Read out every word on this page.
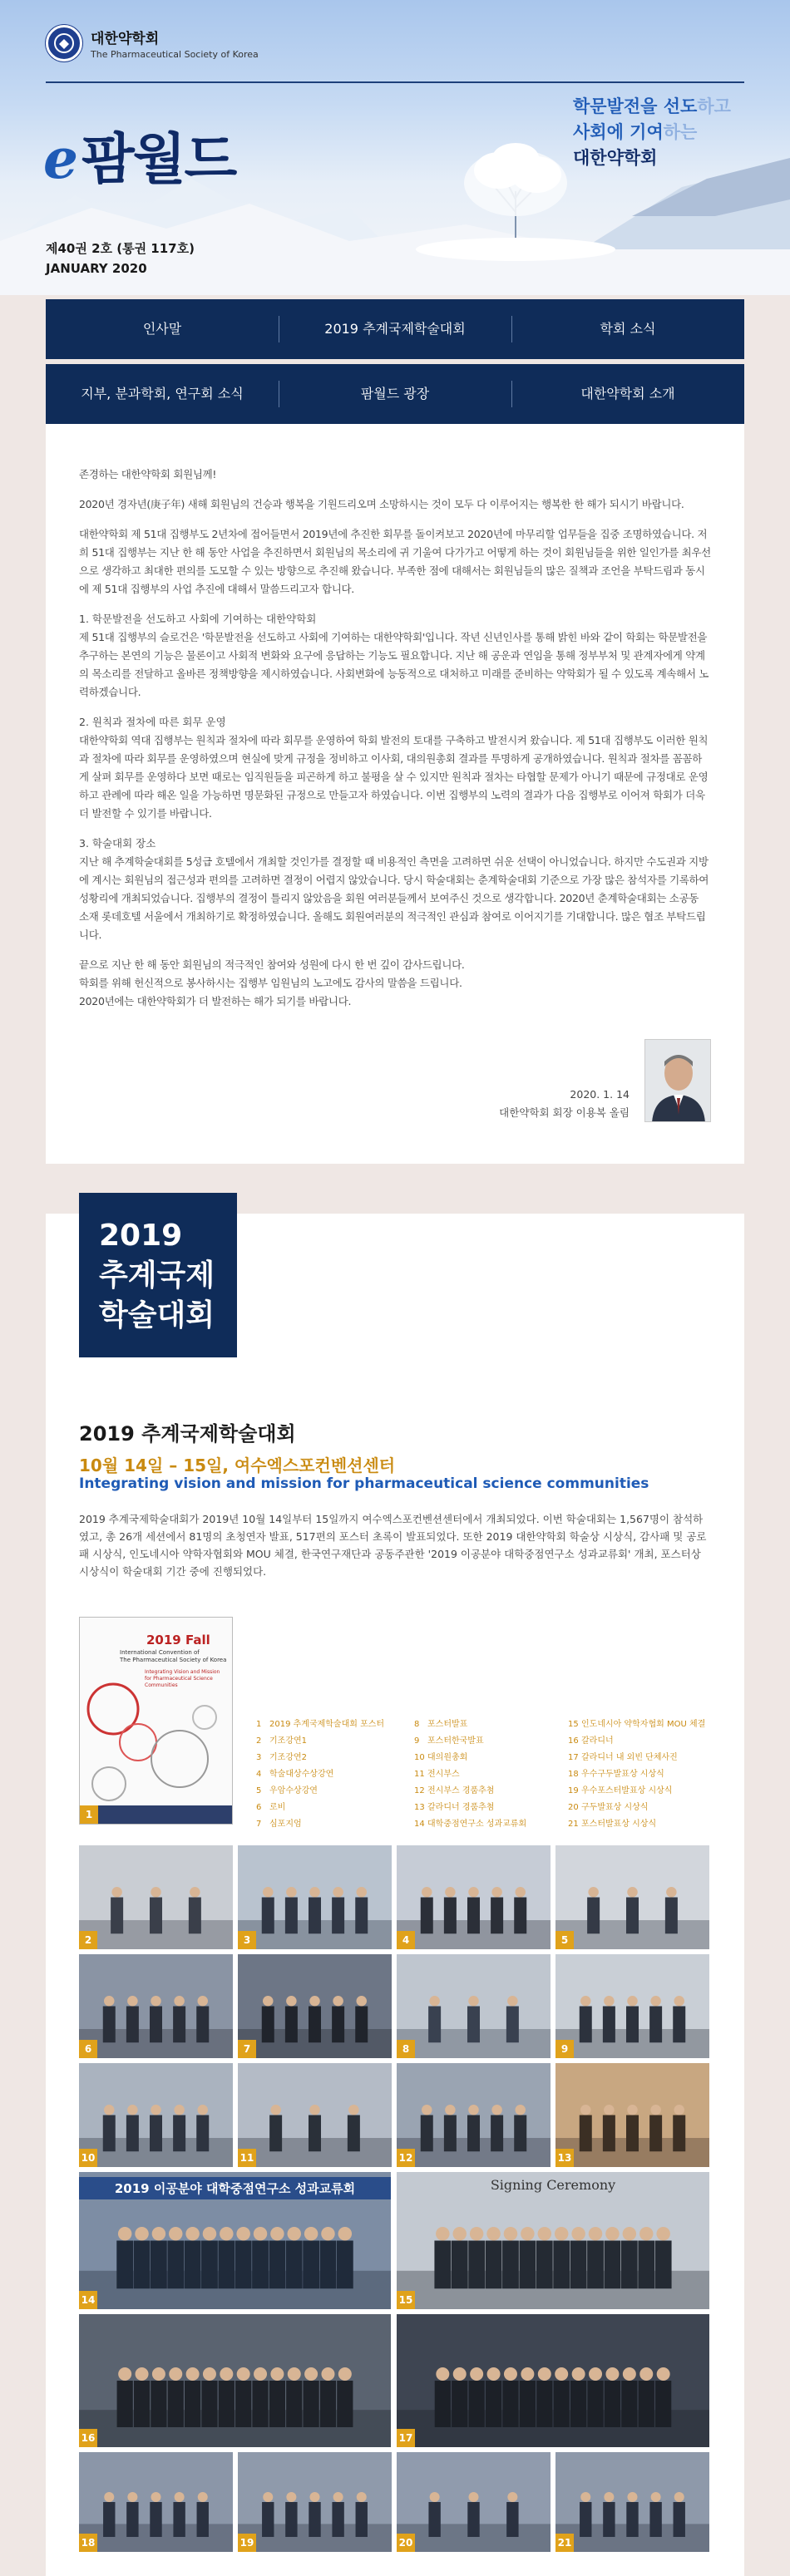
대한약학회
The Pharmaceutical Society of Korea
e팜월드
학문발전을 선도하고
사회에 기여하는
대한약학회
제40권 2호 (통권 117호)
JANUARY 2020
인사말	2019 추계국제학술대회	학회 소식
지부, 분과학회, 연구회 소식	팜월드 광장	대한약학회 소개

존경하는 대한약학회 회원님께!

2020년 경자년(庚子年) 새해 회원님의 건승과 행복을 기원드리오며 소망하시는 것이 모두 다 이루어지는 행복한 한 해가 되시기 바랍니다.

대한약학회 제 51대 집행부도 2년차에 접어들면서 2019년에 추진한 회무를 돌이켜보고 2020년에 마무리할 업무들을 집중 조명하였습니다. 저희 51대 집행부는 지난 한 해 동안 사업을 추진하면서 회원님의 목소리에 귀 기울여 다가가고 어떻게 하는 것이 회원님들을 위한 일인가를 최우선으로 생각하고 최대한 편의를 도모할 수 있는 방향으로 추진해 왔습니다. 부족한 점에 대해서는 회원님들의 많은 질책과 조언을 부탁드림과 동시에 제 51대 집행부의 사업 추진에 대해서 말씀드리고자 합니다.

1. 학문발전을 선도하고 사회에 기여하는 대한약학회

제 51대 집행부의 슬로건은 '학문발전을 선도하고 사회에 기여하는 대한약학회'입니다. 작년 신년인사를 통해 밝힌 바와 같이 학회는 학문발전을 추구하는 본연의 기능은 물론이고 사회적 변화와 요구에 응답하는 기능도 필요합니다. 지난 해 공운과 연임을 통해 정부부처 및 관계자에게 약계의 목소리를 전달하고 올바른 정책방향을 제시하였습니다. 사회변화에 능동적으로 대처하고 미래를 준비하는 약학회가 될 수 있도록 계속해서 노력하겠습니다.

2. 원칙과 절차에 따른 회무 운영

대한약학회 역대 집행부는 원칙과 절차에 따라 회무를 운영하여 학회 발전의 토대를 구축하고 발전시켜 왔습니다. 제 51대 집행부도 이러한 원칙과 절차에 따라 회무를 운영하였으며 현실에 맞게 규정을 정비하고 이사회, 대의원총회 결과를 투명하게 공개하였습니다. 원칙과 절차를 꼼꼼하게 살펴 회무를 운영하다 보면 때로는 임직원들을 피곤하게 하고 불평을 살 수 있지만 원칙과 절차는 타협할 문제가 아니기 때문에 규정대로 운영하고 관례에 따라 해온 일을 가능하면 명문화된 규정으로 만들고자 하였습니다. 이번 집행부의 노력의 결과가 다음 집행부로 이어져 학회가 더욱 더 발전할 수 있기를 바랍니다.

3. 학술대회 장소

지난 해 추계학술대회를 5성급 호텔에서 개최할 것인가를 결정할 때 비용적인 측면을 고려하면 쉬운 선택이 아니었습니다. 하지만 수도권과 지방에 계시는 회원님의 접근성과 편의를 고려하면 결정이 어렵지 않았습니다. 당시 학술대회는 춘계학술대회 기준으로 가장 많은 참석자를 기록하여 성황리에 개최되었습니다. 집행부의 결정이 틀리지 않았음을 회원 여러분들께서 보여주신 것으로 생각합니다. 2020년 춘계학술대회는 소공동 소재 롯데호텔 서울에서 개최하기로 확정하였습니다. 올해도 회원여러분의 적극적인 관심과 참여로 이어지기를 기대합니다. 많은 협조 부탁드립니다.

끝으로 지난 한 해 동안 회원님의 적극적인 참여와 성원에 다시 한 번 깊이 감사드립니다.
학회를 위해 헌신적으로 봉사하시는 집행부 임원님의 노고에도 감사의 말씀을 드립니다.
2020년에는 대한약학회가 더 발전하는 해가 되기를 바랍니다.

2020. 1. 14
대한약학회 회장 이용복 올림
2019
추계국제
학술대회
2019 추계국제학술대회
10월 14일 – 15일, 여수엑스포컨벤션센터
Integrating vision and mission for pharmaceutical science communities
2019 추계국제학술대회가 2019년 10월 14일부터 15일까지 여수엑스포컨벤션센터에서 개최되었다. 이번 학술대회는 1,567명이 참석하였고, 총 26개 세션에서 81명의 초청연자 발표, 517편의 포스터 초록이 발표되었다. 또한 2019 대한약학회 학술상 시상식, 감사패 및 공로패 시상식, 인도네시아 약학자협회와 MOU 체결, 한국연구재단과 공동주관한 '2019 이공분야 대학중점연구소 성과교류회' 개최, 포스터상 시상식이 학술대회 기간 중에 진행되었다.
2019 Fall
International Convention of
The Pharmaceutical Society of Korea
Integrating Vision and Mission
for Pharmaceutical Science Communities
1
1 2019 추계국제학술대회 포스터
2 기조강연1
3 기조강연2
4 학술대상수상강연
5 우암수상강연
6 로비
7 심포지엄
8 포스터발표
9 포스터한국발표
10 대의원총회
11 전시부스
12 전시부스 경품추첨
13 갈라디너 경품추첨
14 대학중점연구소 성과교류회
15 인도네시아 약학자협회 MOU 체결
16 갈라디너
17 갈라디너 내 외빈 단체사진
18 우수구두발표상 시상식
19 우수포스터발표상 시상식
20 구두발표상 시상식
21 포스터발표상 시상식
2	3	4	5
6	7	8	9
10	11	12	13
2019 이공분야 대학중점연구소 성과교류회
14
Signing Ceremony
15
16	17
18	19	20	21
